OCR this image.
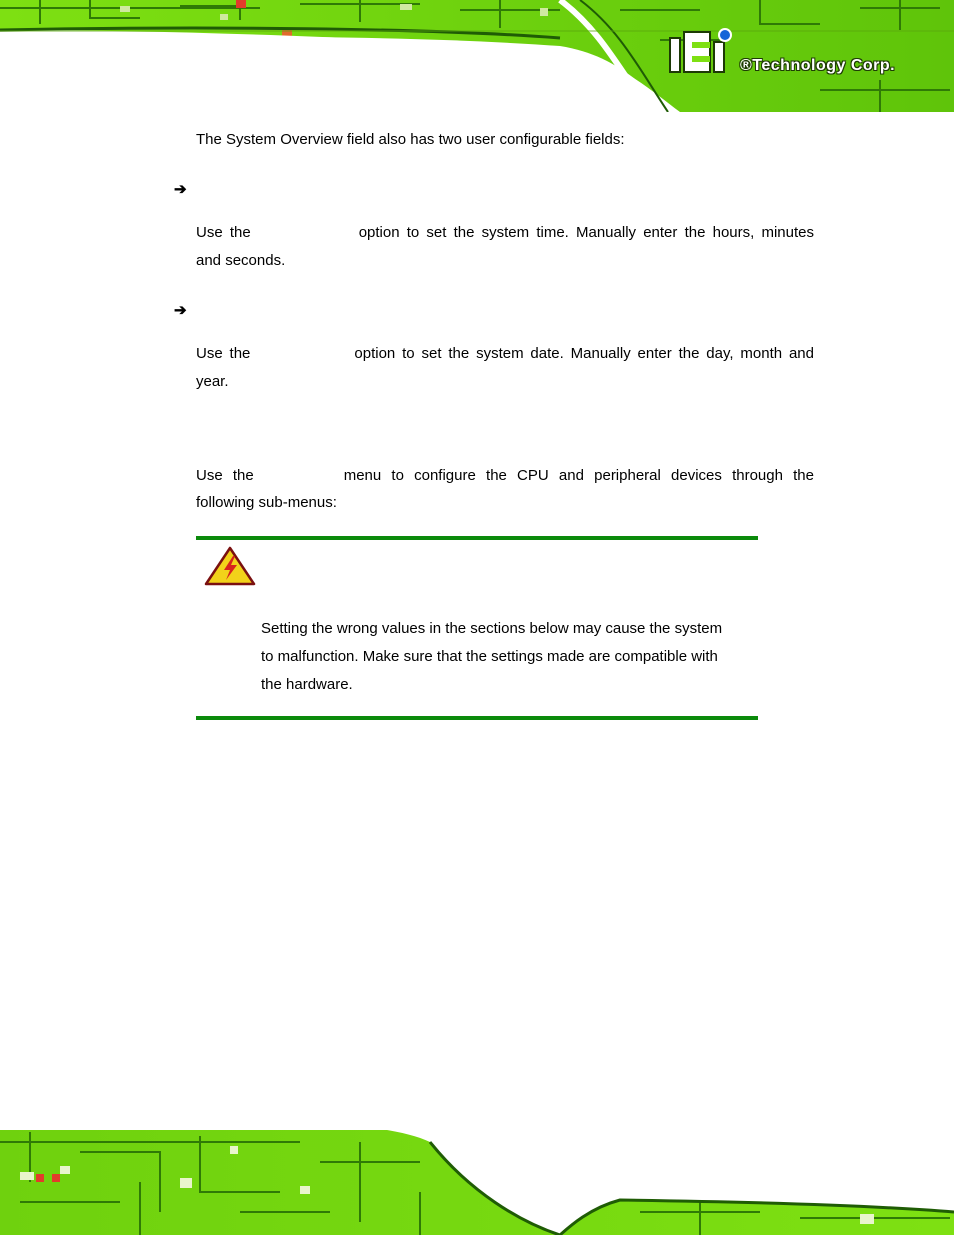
®Technology Corp.
The System Overview field also has two user configurable fields:
➔
Use the	option to set the system time. Manually enter the hours, minutes
and seconds.
➔
Use the	option to set the system date. Manually enter the day, month and
year.
Use the	menu to configure the CPU and peripheral devices through the
following sub-menus:
Setting the wrong values in the sections below may cause the system
to malfunction. Make sure that the settings made are compatible with
the hardware.
